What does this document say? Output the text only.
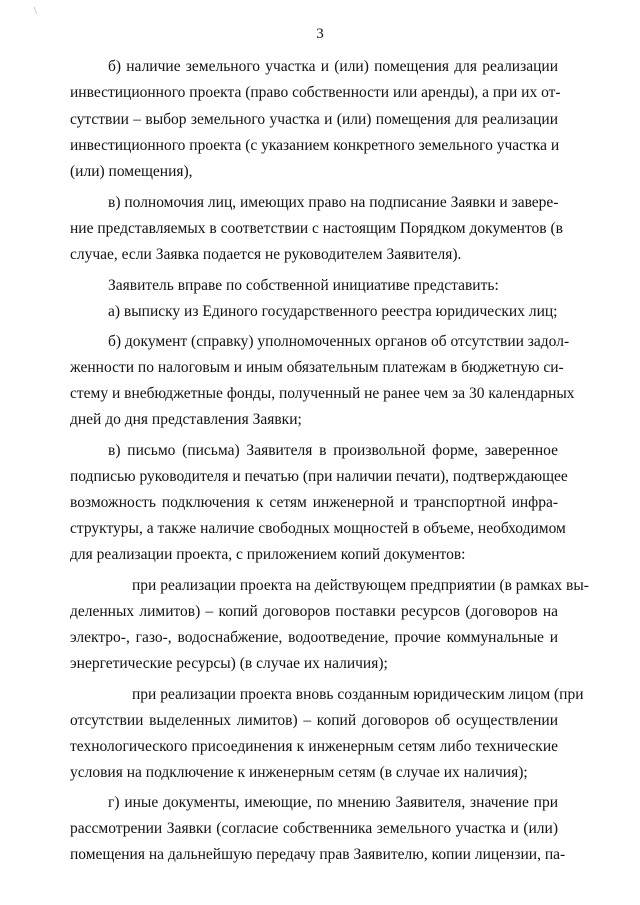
\
3
б) наличие земельного участка и (или) помещения для реализации
инвестиционного проекта (право собственности или аренды), а при их от-
сутствии – выбор земельного участка и (или) помещения для реализации
инвестиционного проекта (с указанием конкретного земельного участка и
(или) помещения),
в) полномочия лиц, имеющих право на подписание Заявки и завере-
ние представляемых в соответствии с настоящим Порядком документов (в
случае, если Заявка подается не руководителем Заявителя).
Заявитель вправе по собственной инициативе представить:
а) выписку из Единого государственного реестра юридических лиц;
б) документ (справку) уполномоченных органов об отсутствии задол-
женности по налоговым и иным обязательным платежам в бюджетную си-
стему и внебюджетные фонды, полученный не ранее чем за 30 календарных
дней до дня представления Заявки;
в) письмо (письма) Заявителя в произвольной форме, заверенное
подписью руководителя и печатью (при наличии печати), подтверждающее
возможность подключения к сетям инженерной и транспортной инфра-
структуры, а также наличие свободных мощностей в объеме, необходимом
для реализации проекта, с приложением копий документов:
при реализации проекта на действующем предприятии (в рамках вы-
деленных лимитов) – копий договоров поставки ресурсов (договоров на
электро-, газо-, водоснабжение, водоотведение, прочие коммунальные и
энергетические ресурсы) (в случае их наличия);
при реализации проекта вновь созданным юридическим лицом (при
отсутствии выделенных лимитов) – копий договоров об осуществлении
технологического присоединения к инженерным сетям либо технические
условия на подключение к инженерным сетям (в случае их наличия);
г) иные документы, имеющие, по мнению Заявителя, значение при
рассмотрении Заявки (согласие собственника земельного участка и (или)
помещения на дальнейшую передачу прав Заявителю, копии лицензии, па-
